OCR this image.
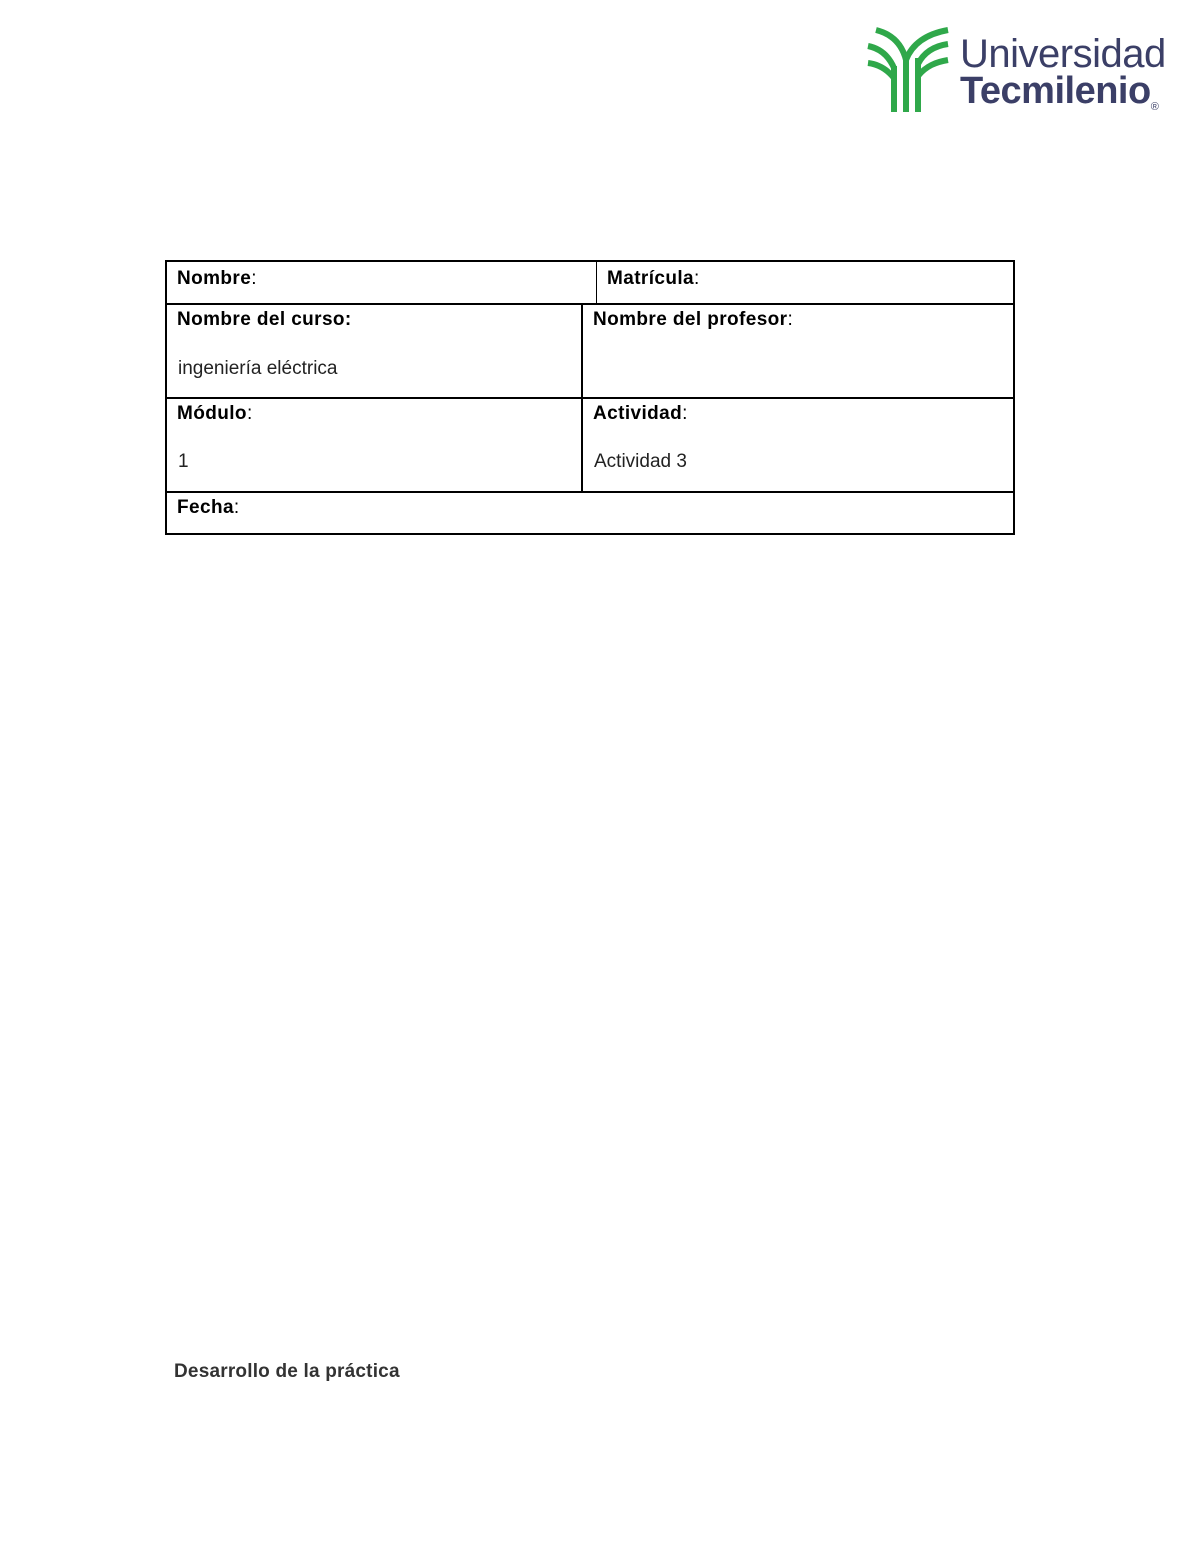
Universidad
Tecmilenio®
Nombre:	Matrícula:
Nombre del curso:
ingeniería eléctrica
Nombre del profesor:
Módulo:
1
Actividad:
Actividad 3
Fecha:
Desarrollo de la práctica
